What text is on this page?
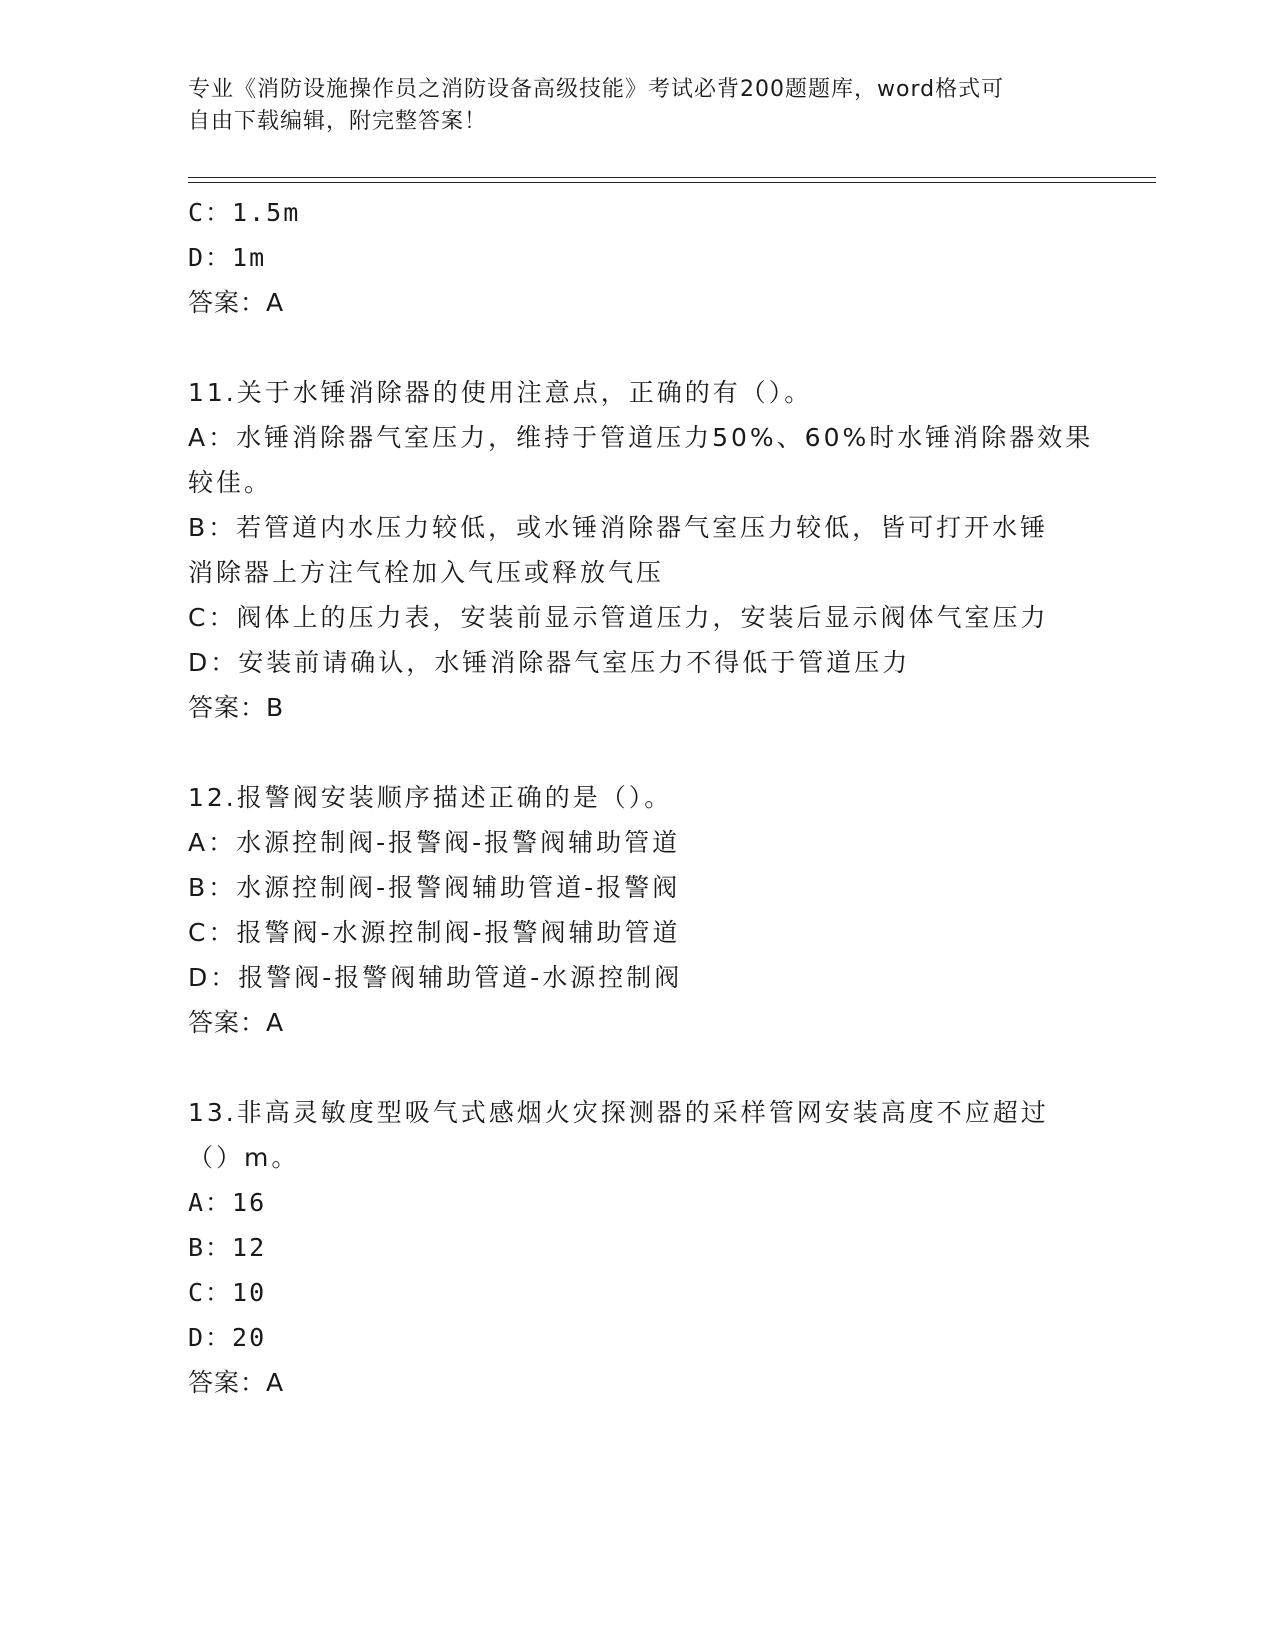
专业《消防设施操作员之消防设备高级技能》考试必背200题题库，word格式可
自由下载编辑，附完整答案！
C：1.5m
D：1m
答案：A
11.关于水锤消除器的使用注意点，正确的有（）。
A：水锤消除器气室压力，维持于管道压力50%、60%时水锤消除器效果
较佳。
B：若管道内水压力较低，或水锤消除器气室压力较低，皆可打开水锤
消除器上方注气栓加入气压或释放气压
C：阀体上的压力表，安装前显示管道压力，安装后显示阀体气室压力
D：安装前请确认，水锤消除器气室压力不得低于管道压力
答案：B
12.报警阀安装顺序描述正确的是（）。
A：水源控制阀-报警阀-报警阀辅助管道
B：水源控制阀-报警阀辅助管道-报警阀
C：报警阀-水源控制阀-报警阀辅助管道
D：报警阀-报警阀辅助管道-水源控制阀
答案：A
13.非高灵敏度型吸气式感烟火灾探测器的采样管网安装高度不应超过
（）m。
A：16
B：12
C：10
D：20
答案：A
